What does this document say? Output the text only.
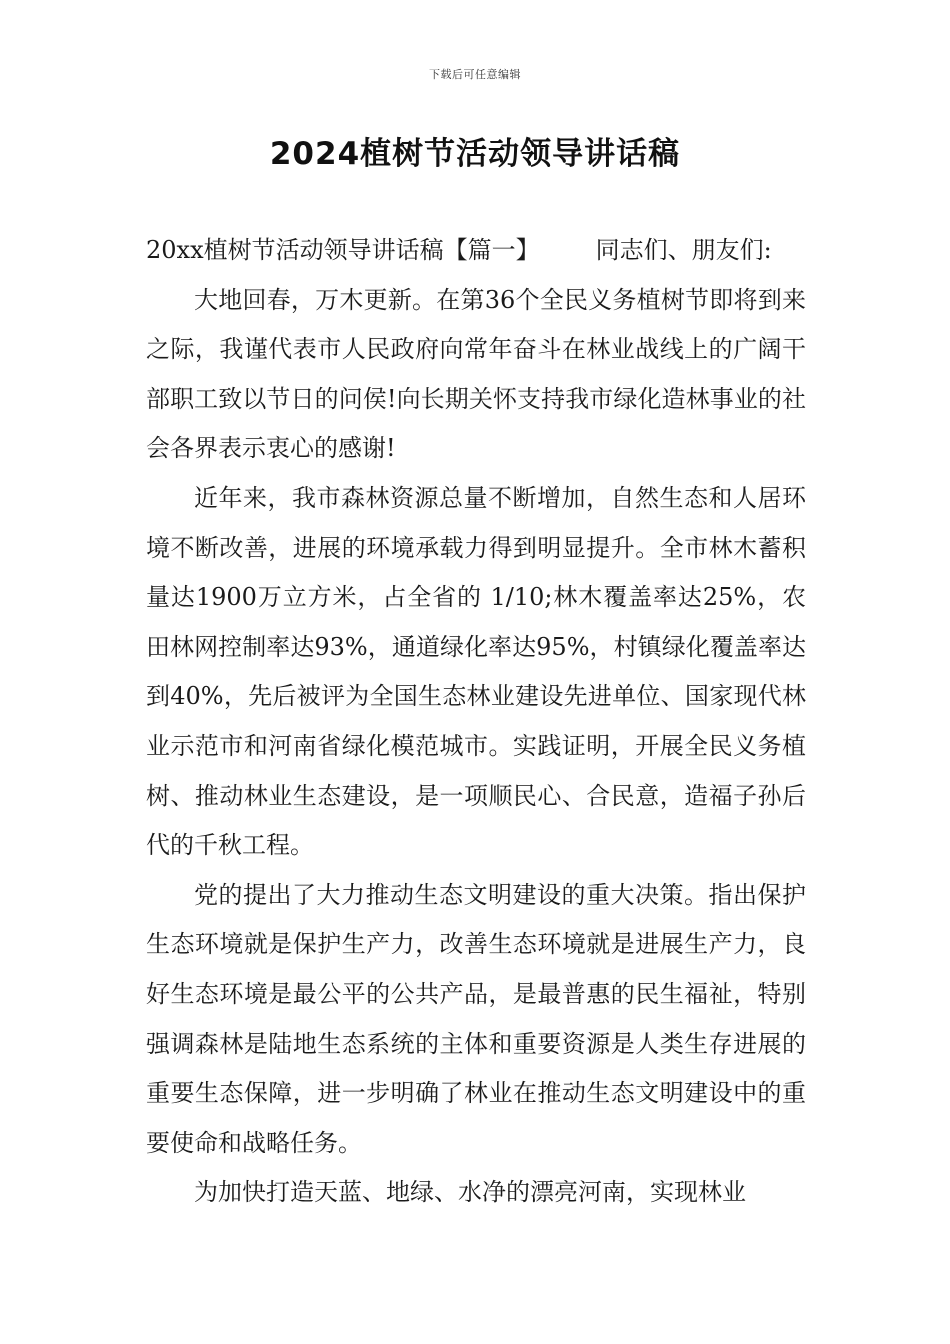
下载后可任意编辑
2024植树节活动领导讲话稿

20xx植树节活动领导讲话稿【篇一】 同志们、朋友们:

大地回春，万木更新。在第36个全民义务植树节即将到来之际，我谨代表市人民政府向常年奋斗在林业战线上的广阔干部职工致以节日的问侯!向长期关怀支持我市绿化造林事业的社会各界表示衷心的感谢!

近年来，我市森林资源总量不断增加，自然生态和人居环境不断改善，进展的环境承载力得到明显提升。全市林木蓄积量达1900万立方米，占全省的 1/10;林木覆盖率达25%，农田林网控制率达93%，通道绿化率达95%，村镇绿化覆盖率达到40%，先后被评为全国生态林业建设先进单位、国家现代林业示范市和河南省绿化模范城市。实践证明，开展全民义务植树、推动林业生态建设，是一项顺民心、合民意，造福子孙后代的千秋工程。

党的提出了大力推动生态文明建设的重大决策。指出保护生态环境就是保护生产力，改善生态环境就是进展生产力，良好生态环境是最公平的公共产品，是最普惠的民生福祉，特别强调森林是陆地生态系统的主体和重要资源是人类生存进展的重要生态保障，进一步明确了林业在推动生态文明建设中的重要使命和战略任务。

为加快打造天蓝、地绿、水净的漂亮河南，实现林业
